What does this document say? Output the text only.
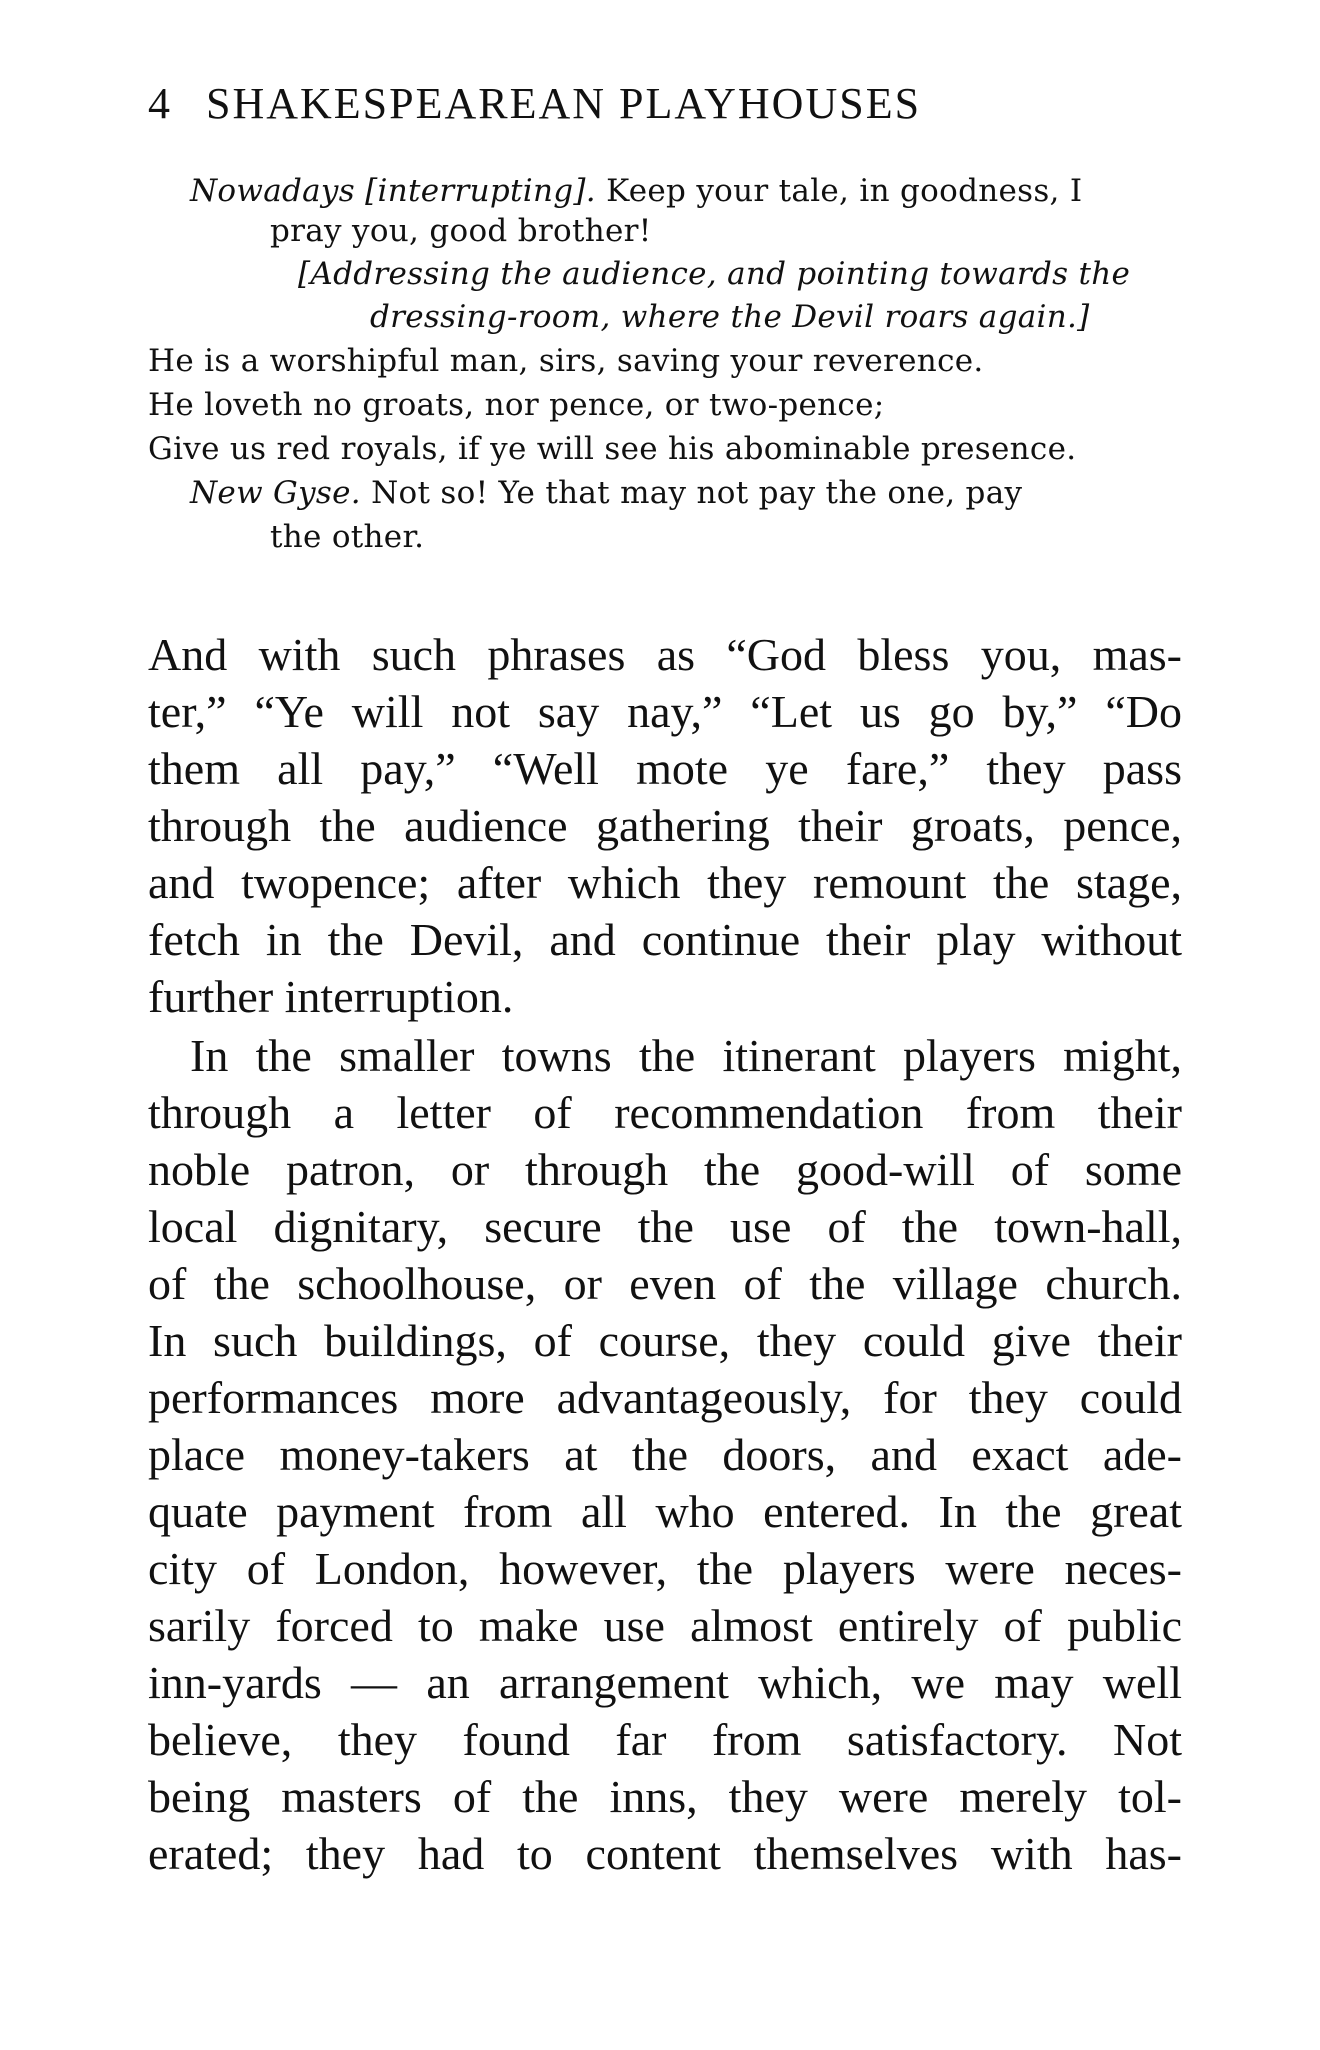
4 SHAKESPEAREAN PLAYHOUSES
Nowadays [interrupting]. Keep your tale, in goodness, I
pray you, good brother!
[Addressing the audience, and pointing towards the
dressing-room, where the Devil roars again.]
He is a worshipful man, sirs, saving your reverence.
He loveth no groats, nor pence, or two-pence;
Give us red royals, if ye will see his abominable presence.
New Gyse. Not so! Ye that may not pay the one, pay
the other.
And with such phrases as “God bless you, mas-
ter,” “Ye will not say nay,” “Let us go by,” “Do
them all pay,” “Well mote ye fare,” they pass
through the audience gathering their groats, pence,
and twopence; after which they remount the stage,
fetch in the Devil, and continue their play without
further interruption.
In the smaller towns the itinerant players might,
through a letter of recommendation from their
noble patron, or through the good-will of some
local dignitary, secure the use of the town-hall,
of the schoolhouse, or even of the village church.
In such buildings, of course, they could give their
performances more advantageously, for they could
place money-takers at the doors, and exact ade-
quate payment from all who entered. In the great
city of London, however, the players were neces-
sarily forced to make use almost entirely of public
inn-yards — an arrangement which, we may well
believe, they found far from satisfactory. Not
being masters of the inns, they were merely tol-
erated; they had to content themselves with has-
